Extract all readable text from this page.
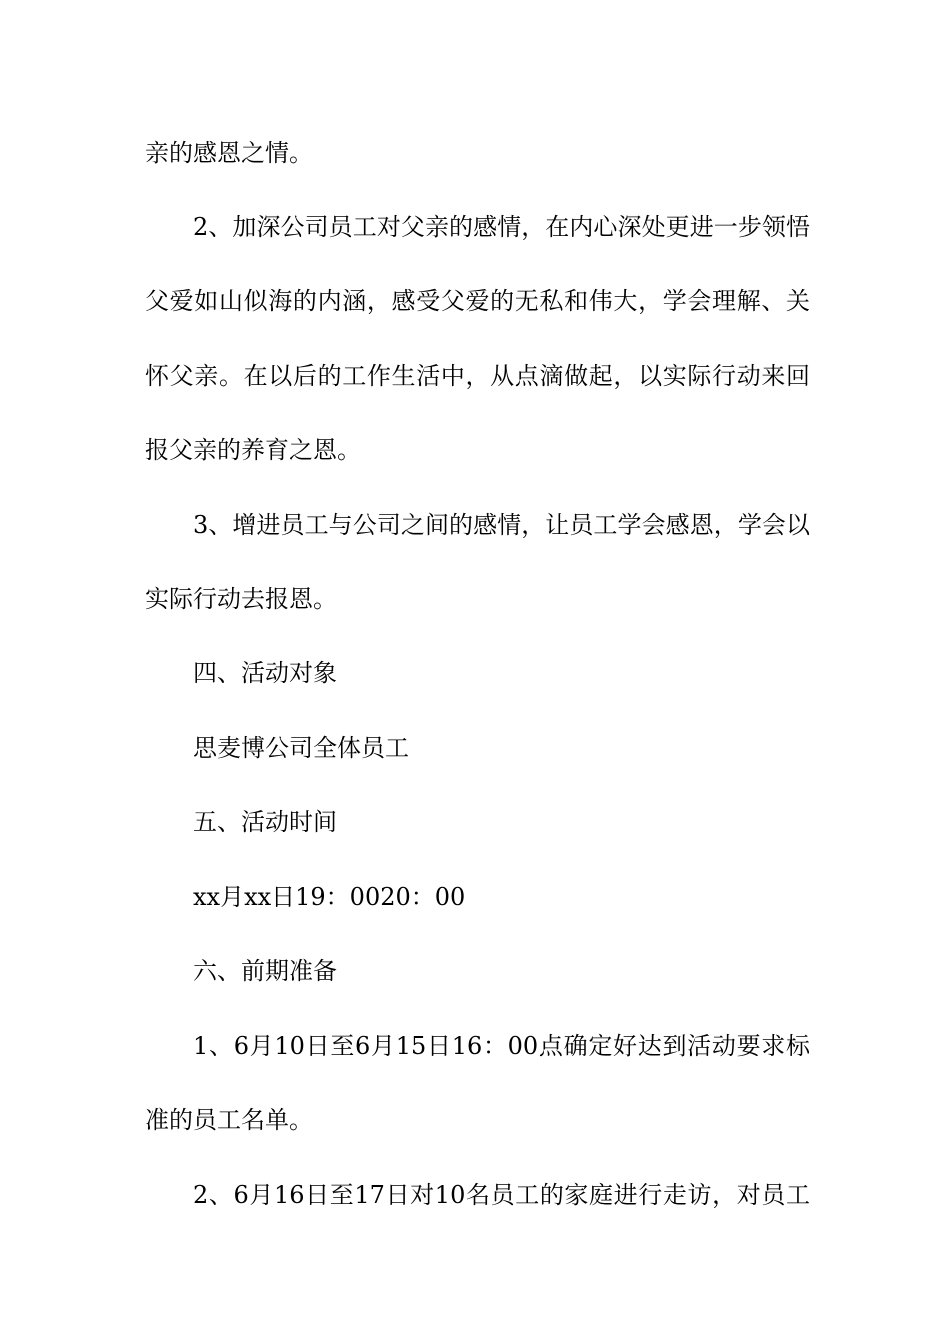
亲的感恩之情。
2、加深公司员工对父亲的感情，在内心深处更进一步领悟
父爱如山似海的内涵，感受父爱的无私和伟大，学会理解、关
怀父亲。在以后的工作生活中，从点滴做起，以实际行动来回
报父亲的养育之恩。
3、增进员工与公司之间的感情，让员工学会感恩，学会以
实际行动去报恩。
四、活动对象
思麦博公司全体员工
五、活动时间
xx月xx日19：0020：00
六、前期准备
1、6月10日至6月15日16：00点确定好达到活动要求标
准的员工名单。
2、6月16日至17日对10名员工的家庭进行走访，对员工
